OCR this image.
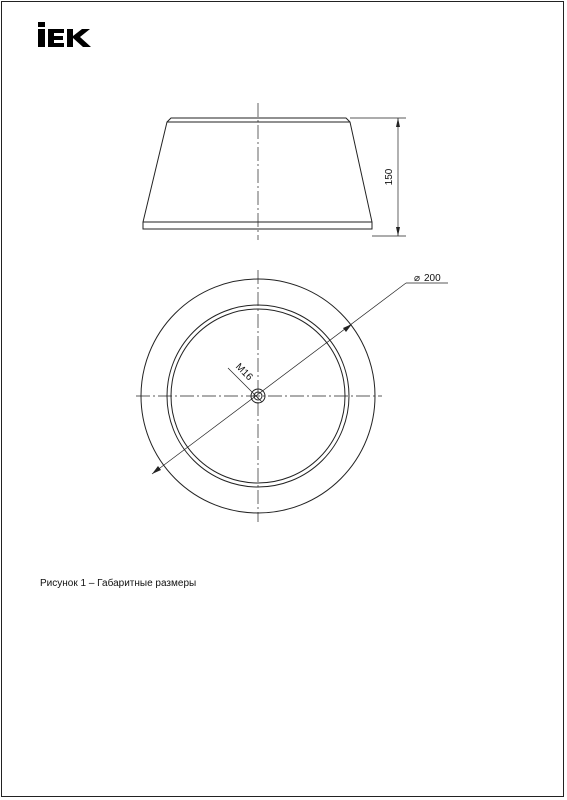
150
⌀ 200
M16
Рисунок 1 – Габаритные размеры
